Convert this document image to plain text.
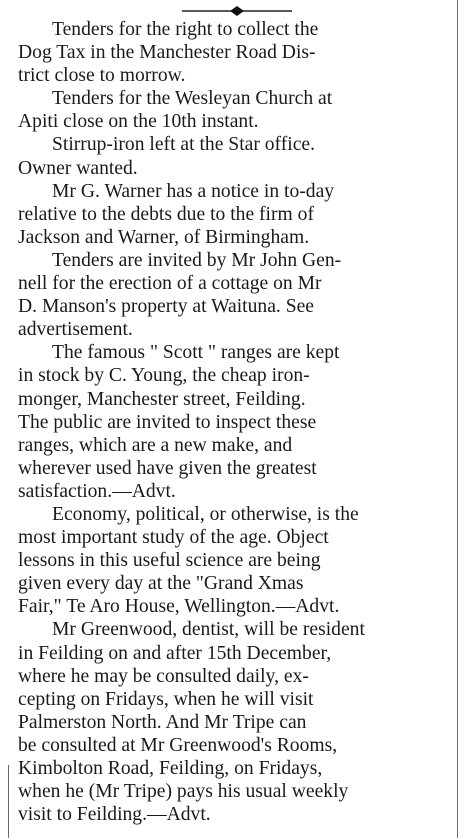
Tenders for the right to collect the
Dog Tax in the Manchester Road Dis-
trict close to morrow.

Tenders for the Wesleyan Church at
Apiti close on the 10th instant.

Stirrup-iron left at the Star office.
Owner wanted.

Mr G. Warner has a notice in to-day
relative to the debts due to the firm of
Jackson and Warner, of Birmingham.

Tenders are invited by Mr John Gen-
nell for the erection of a cottage on Mr
D. Manson's property at Waituna. See
advertisement.

The famous " Scott " ranges are kept
in stock by C. Young, the cheap iron-
monger, Manchester street, Feilding.
The public are invited to inspect these
ranges, which are a new make, and
wherever used have given the greatest
satisfaction.—Advt.

Economy, political, or otherwise, is the
most important study of the age. Object
lessons in this useful science are being
given every day at the "Grand Xmas
Fair," Te Aro House, Wellington.—Advt.

Mr Greenwood, dentist, will be resident
in Feilding on and after 15th December,
where he may be consulted daily, ex-
cepting on Fridays, when he will visit
Palmerston North. And Mr Tripe can
be consulted at Mr Greenwood's Rooms,
Kimbolton Road, Feilding, on Fridays,
when he (Mr Tripe) pays his usual weekly
visit to Feilding.—Advt.
